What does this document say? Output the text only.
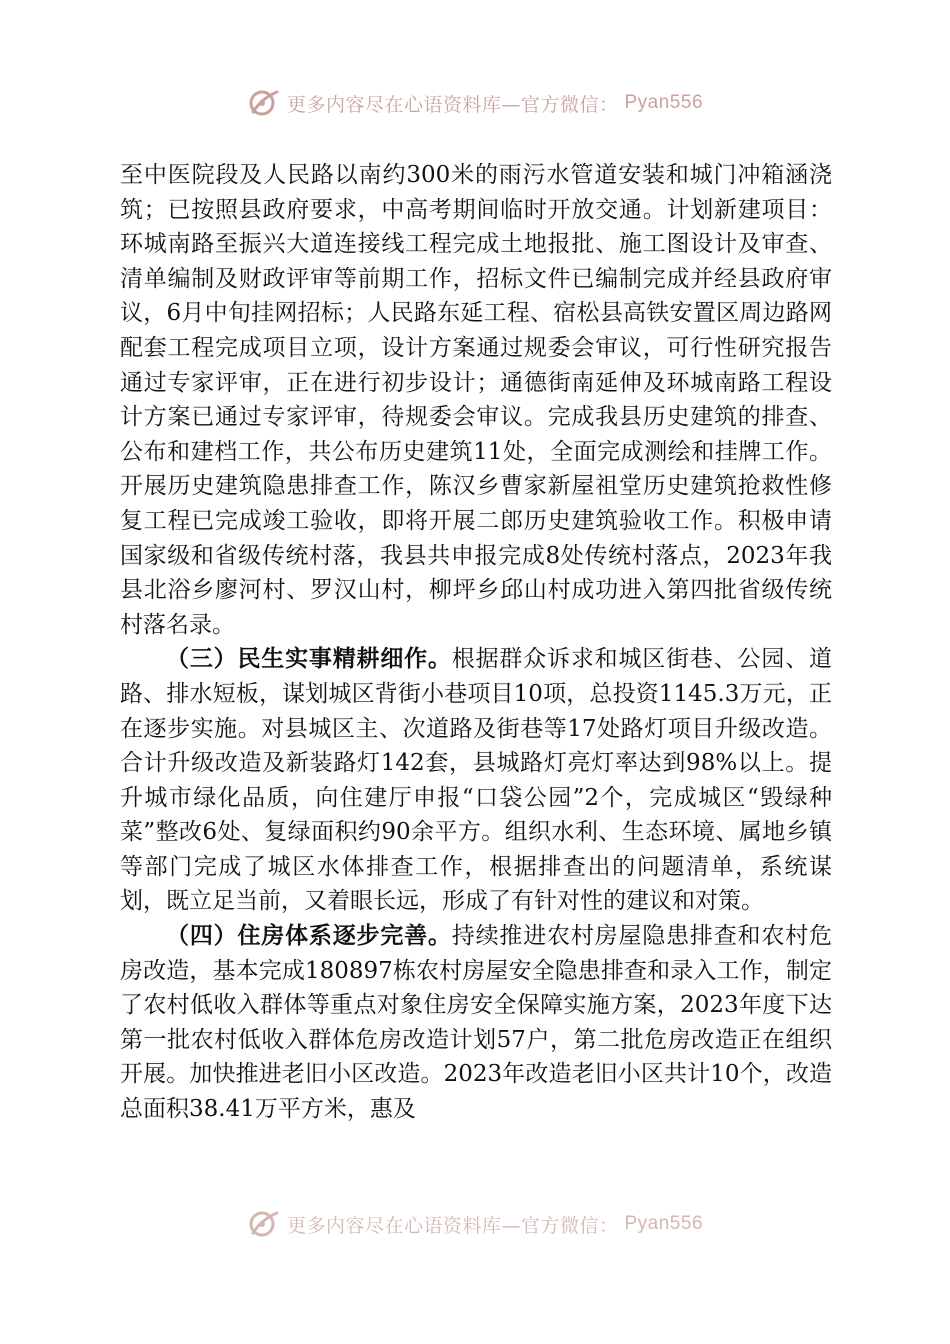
更多内容尽在心语资料库—官方微信： Pyan556

至中医院段及人民路以南约300米的雨污水管道安装和城门冲箱涵浇筑；已按照县政府要求，中高考期间临时开放交通。计划新建项目：环城南路至振兴大道连接线工程完成土地报批、施工图设计及审查、清单编制及财政评审等前期工作，招标文件已编制完成并经县政府审议，6月中旬挂网招标；人民路东延工程、宿松县高铁安置区周边路网配套工程完成项目立项，设计方案通过规委会审议，可行性研究报告通过专家评审，正在进行初步设计；通德街南延伸及环城南路工程设计方案已通过专家评审，待规委会审议。完成我县历史建筑的排查、公布和建档工作，共公布历史建筑11处，全面完成测绘和挂牌工作。开展历史建筑隐患排查工作，陈汉乡曹家新屋祖堂历史建筑抢救性修复工程已完成竣工验收，即将开展二郎历史建筑验收工作。积极申请国家级和省级传统村落，我县共申报完成8处传统村落点，2023年我县北浴乡廖河村、罗汉山村，柳坪乡邱山村成功进入第四批省级传统村落名录。

（三）民生实事精耕细作。根据群众诉求和城区街巷、公园、道路、排水短板，谋划城区背街小巷项目10项，总投资1145.3万元，正在逐步实施。对县城区主、次道路及街巷等17处路灯项目升级改造。合计升级改造及新装路灯142套，县城路灯亮灯率达到98%以上。提升城市绿化品质，向住建厅申报“口袋公园”2个，完成城区“毁绿种菜”整改6处、复绿面积约90余平方。组织水利、生态环境、属地乡镇等部门完成了城区水体排查工作，根据排查出的问题清单，系统谋划，既立足当前，又着眼长远，形成了有针对性的建议和对策。

（四）住房体系逐步完善。持续推进农村房屋隐患排查和农村危房改造，基本完成180897栋农村房屋安全隐患排查和录入工作，制定了农村低收入群体等重点对象住房安全保障实施方案，2023年度下达第一批农村低收入群体危房改造计划57户，第二批危房改造正在组织开展。加快推进老旧小区改造。2023年改造老旧小区共计10个，改造总面积38.41万平方米，惠及

更多内容尽在心语资料库—官方微信： Pyan556
